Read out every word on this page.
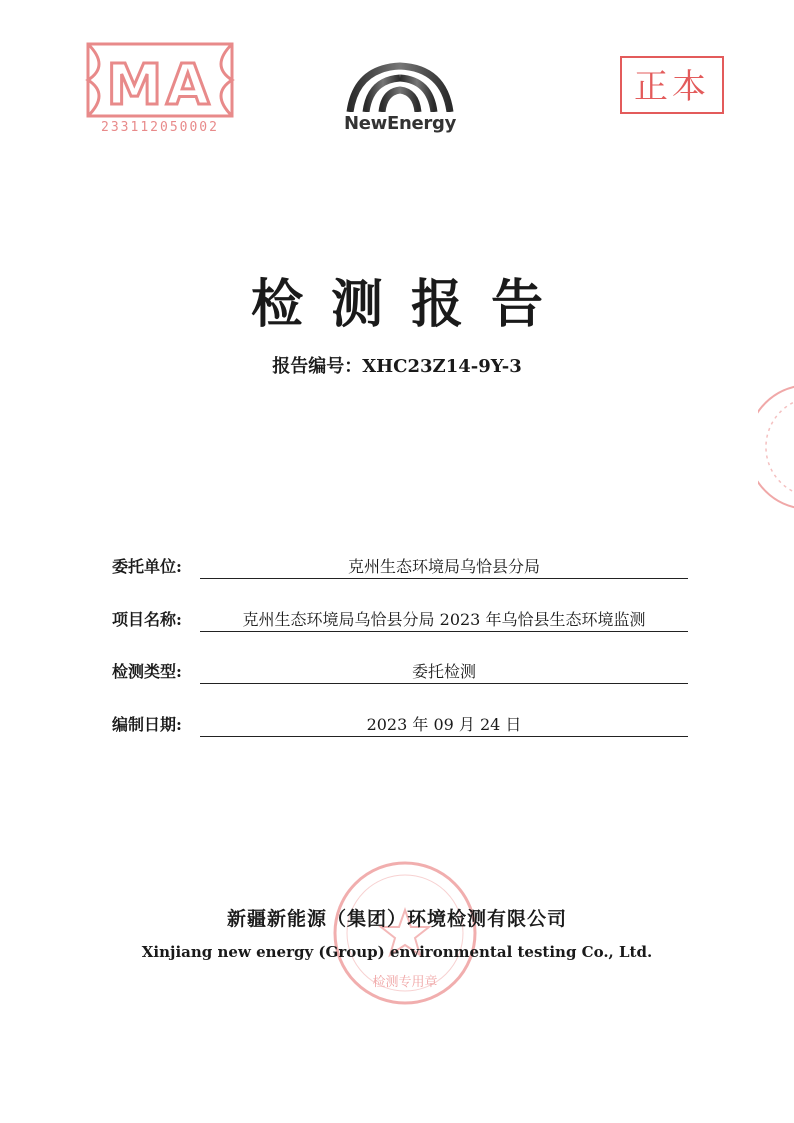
MA
233112050002	NewEnergy
正本
检测报告
报告编号：XHC23Z14-9Y-3
委托单位:	克州生态环境局乌恰县分局
项目名称:	克州生态环境局乌恰县分局 2023 年乌恰县生态环境监测
检测类型:	委托检测
编制日期:	2023 年 09 月 24 日
检测专用章
新疆新能源（集团）环境检测有限公司
Xinjiang new energy (Group) environmental testing Co., Ltd.
